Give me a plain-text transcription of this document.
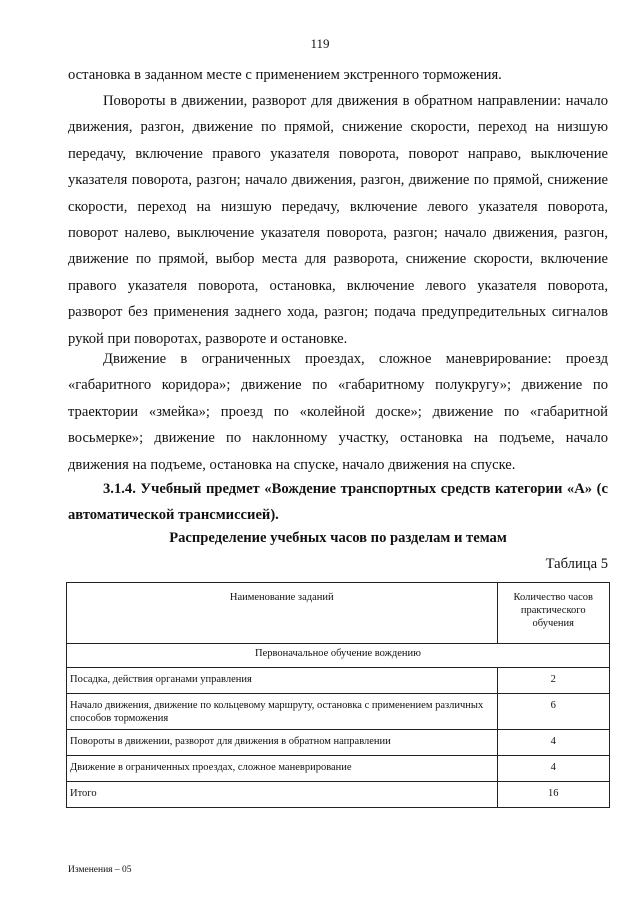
119
остановка в заданном месте с применением экстренного торможения.
Повороты в движении, разворот для движения в обратном направлении: начало движения, разгон, движение по прямой, снижение скорости, переход на низшую передачу, включение правого указателя поворота, поворот направо, выключение указателя поворота, разгон; начало движения, разгон, движение по прямой, снижение скорости, переход на низшую передачу, включение левого указателя поворота, поворот налево, выключение указателя поворота, разгон; начало движения, разгон, движение по прямой, выбор места для разворота, снижение скорости, включение правого указателя поворота, остановка, включение левого указателя поворота, разворот без применения заднего хода, разгон; подача предупредительных сигналов рукой при поворотах, развороте и остановке.
Движение в ограниченных проездах, сложное маневрирование: проезд «габаритного коридора»; движение по «габаритному полукругу»; движение по траектории «змейка»; проезд по «колейной доске»; движение по «габаритной восьмерке»; движение по наклонному участку, остановка на подъеме, начало движения на подъеме, остановка на спуске, начало движения на спуске.
3.1.4. Учебный предмет «Вождение транспортных средств категории «А» (с автоматической трансмиссией).
Распределение учебных часов по разделам и темам
Таблица 5
Наименование заданий	Количество часов практического обучения
Первоначальное обучение вождению	
Посадка, действия органами управления	2
Начало движения, движение по кольцевому маршруту, остановка с применением различных способов торможения	6
Повороты в движении, разворот для движения в обратном направлении	4
Движение в ограниченных проездах, сложное маневрирование	4
Итого	16
Изменения – 05
